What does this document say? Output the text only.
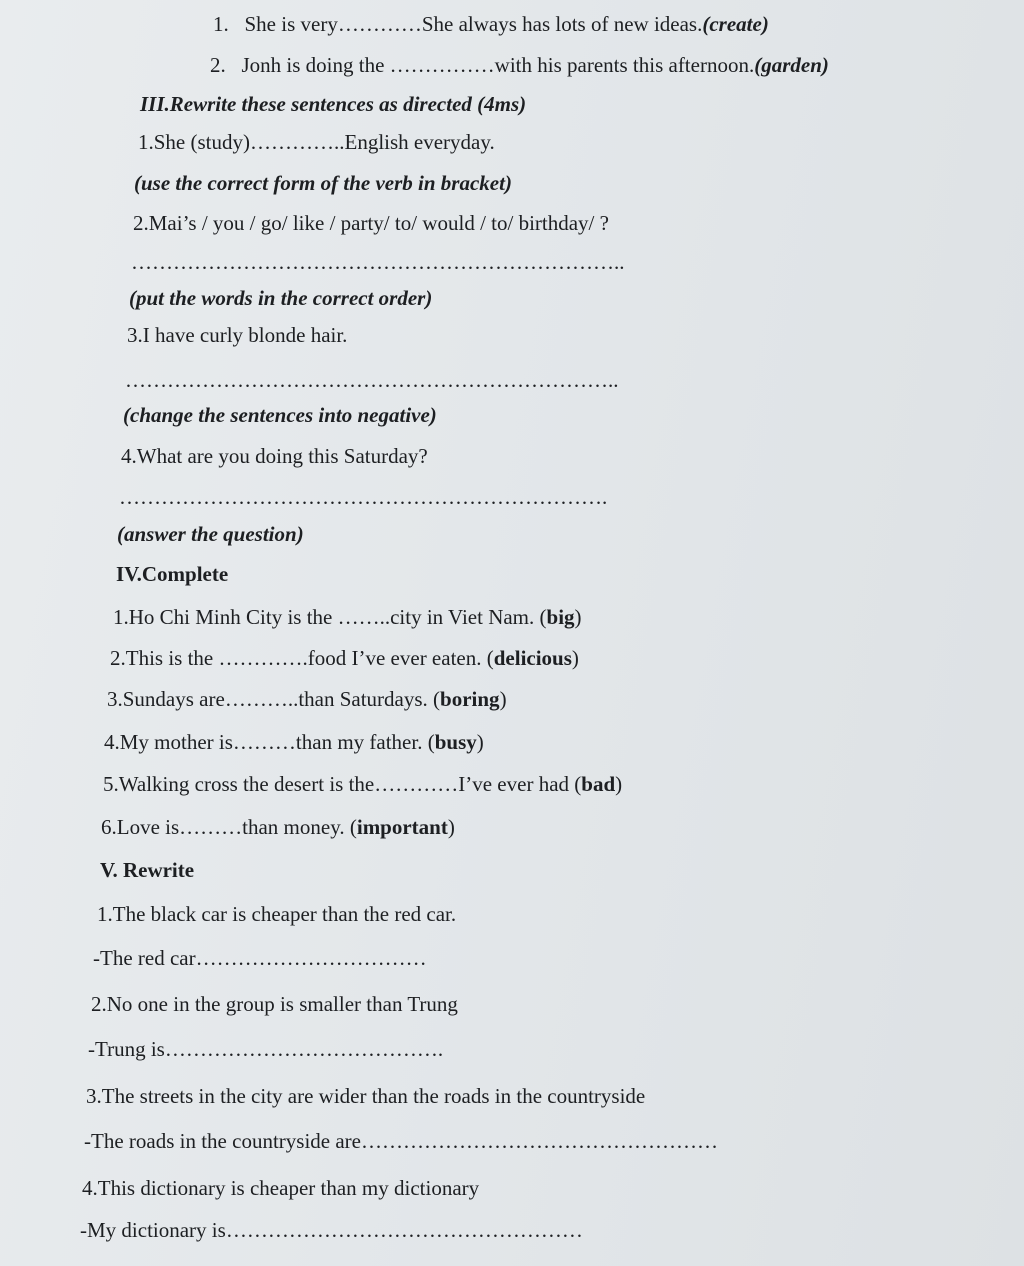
1. She is very…………She always has lots of new ideas.(create)
2. Jonh is doing the ……………with his parents this afternoon.(garden)
III.Rewrite these sentences as directed (4ms)
1.She (study)…………..English everyday.
(use the correct form of the verb in bracket)
2.Mai’s / you / go/ like / party/ to/ would / to/ birthday/ ?
……………………………………………………………..
(put the words in the correct order)
3.I have curly blonde hair.
……………………………………………………………..
(change the sentences into negative)
4.What are you doing this Saturday?
…………………………………………………………….
(answer the question)
IV.Complete
1.Ho Chi Minh City is the ……..city in Viet Nam. (big)
2.This is the ………….food I’ve ever eaten. (delicious)
3.Sundays are………..than Saturdays. (boring)
4.My mother is………than my father. (busy)
5.Walking cross the desert is the…………I’ve ever had (bad)
6.Love is………than money. (important)
V. Rewrite
1.The black car is cheaper than the red car.
-The red car……………………………
2.No one in the group is smaller than Trung
-Trung is………………………………….
3.The streets in the city are wider than the roads in the countryside
-The roads in the countryside are……………………………………………
4.This dictionary is cheaper than my dictionary
-My dictionary is……………………………………………
